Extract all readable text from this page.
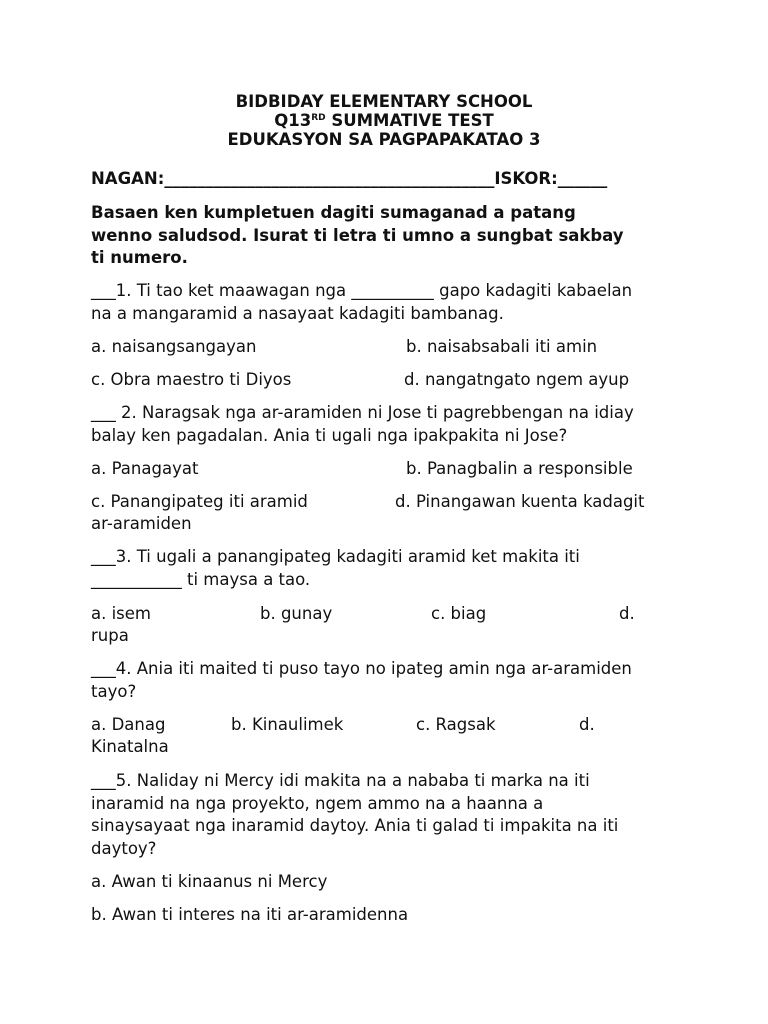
BIDBIDAY ELEMENTARY SCHOOL
Q13RD SUMMATIVE TEST
EDUKASYON SA PAGPAPAKATAO 3
NAGAN:________________________________________ISKOR:______
Basaen ken kumpletuen dagiti sumaganad a patang
wenno saludsod. Isurat ti letra ti umno a sungbat sakbay
ti numero.
___1. Ti tao ket maawagan nga __________ gapo kadagiti kabaelan
na a mangaramid a nasayaat kadagiti bambanag.
a. naisangsangayan	b. naisabsabali iti amin
c. Obra maestro ti Diyos	d. nangatngato ngem ayup
___ 2. Naragsak nga ar-aramiden ni Jose ti pagrebbengan na idiay
balay ken pagadalan. Ania ti ugali nga ipakpakita ni Jose?
a. Panagayat	b. Panagbalin a responsible
c. Panangipateg iti aramid	d. Pinangawan kuenta kadagit
ar-aramiden
___3. Ti ugali a panangipateg kadagiti aramid ket makita iti
___________ ti maysa a tao.
a. isem	b. gunay	c. biag	d.
rupa
___4. Ania iti maited ti puso tayo no ipateg amin nga ar-aramiden
tayo?
a. Danag	b. Kinaulimek	c. Ragsak	d.
Kinatalna
___5. Naliday ni Mercy idi makita na a nababa ti marka na iti
inaramid na nga proyekto, ngem ammo na a haanna a
sinaysayaat nga inaramid daytoy. Ania ti galad ti impakita na iti
daytoy?
a. Awan ti kinaanus ni Mercy
b. Awan ti interes na iti ar-aramidenna
